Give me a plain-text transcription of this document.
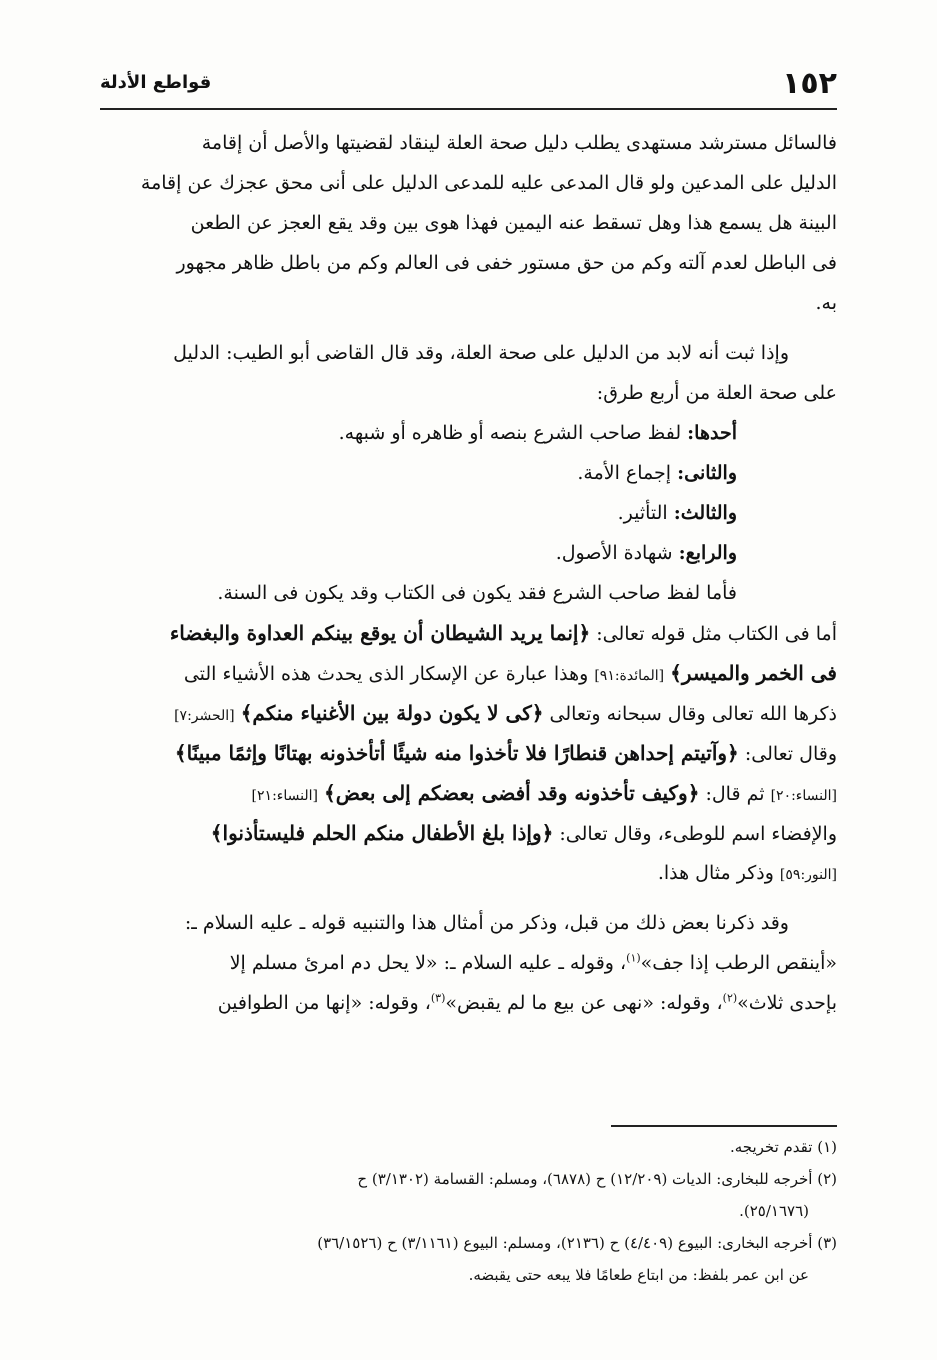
١٥٢
قواطع الأدلة

فالسائل مسترشد مستهدى يطلب دليل صحة العلة لينقاد لقضيتها والأصل أن إقامة
الدليل على المدعين ولو قال المدعى عليه للمدعى الدليل على أنى محق عجزك عن إقامة
البينة هل يسمع هذا وهل تسقط عنه اليمين فهذا هوى بين وقد يقع العجز عن الطعن
فى الباطل لعدم آلته وكم من حق مستور خفى فى العالم وكم من باطل ظاهر مجهور
به.

وإذا ثبت أنه لابد من الدليل على صحة العلة، وقد قال القاضى أبو الطيب: الدليل
على صحة العلة من أربع طرق:
أحدها: لفظ صاحب الشرع بنصه أو ظاهره أو شبهه.
والثانى: إجماع الأمة.
والثالث: التأثير.
والرابع: شهادة الأصول.
فأما لفظ صاحب الشرع فقد يكون فى الكتاب وقد يكون فى السنة.
أما فى الكتاب مثل قوله تعالى: ﴿إنما يريد الشيطان أن يوقع بينكم العداوة والبغضاء
فى الخمر والميسر﴾ [المائدة:٩١] وهذا عبارة عن الإسكار الذى يحدث هذه الأشياء التى
ذكرها الله تعالى وقال سبحانه وتعالى ﴿كى لا يكون دولة بين الأغنياء منكم﴾ [الحشر:٧]
وقال تعالى: ﴿وآتيتم إحداهن قنطارًا فلا تأخذوا منه شيئًا أتأخذونه بهتانًا وإثمًا مبينًا﴾
[النساء:٢٠] ثم قال: ﴿وكيف تأخذونه وقد أفضى بعضكم إلى بعض﴾ [النساء:٢١]
والإفضاء اسم للوطىء، وقال تعالى: ﴿وإذا بلغ الأطفال منكم الحلم فليستأذنوا﴾
[النور:٥٩] وذكر مثال هذا.
وقد ذكرنا بعض ذلك من قبل، وذكر من أمثال هذا والتنبيه قوله ـ عليه السلام ـ:
«أينقص الرطب إذا جف»$^{(١)}$، وقوله ـ عليه السلام ـ: «لا يحل دم امرئ مسلم إلا
بإحدى ثلاث»$^{(٢)}$، وقوله: «نهى عن بيع ما لم يقبض»$^{(٣)}$، وقوله: «إنها من الطوافين
(١) تقدم تخريجه.
(٢) أخرجه للبخارى: الديات (١٢/٢٠٩) ح (٦٨٧٨)، ومسلم: القسامة (٣/١٣٠٢) ح
(٢٥/١٦٧٦).
(٣) أخرجه البخارى: البيوع (٤/٤٠٩) ح (٢١٣٦)، ومسلم: البيوع (٣/١١٦١) ح (٣٦/١٥٢٦)
عن ابن عمر بلفظ: من ابتاع طعامًا فلا يبعه حتى يقبضه.
